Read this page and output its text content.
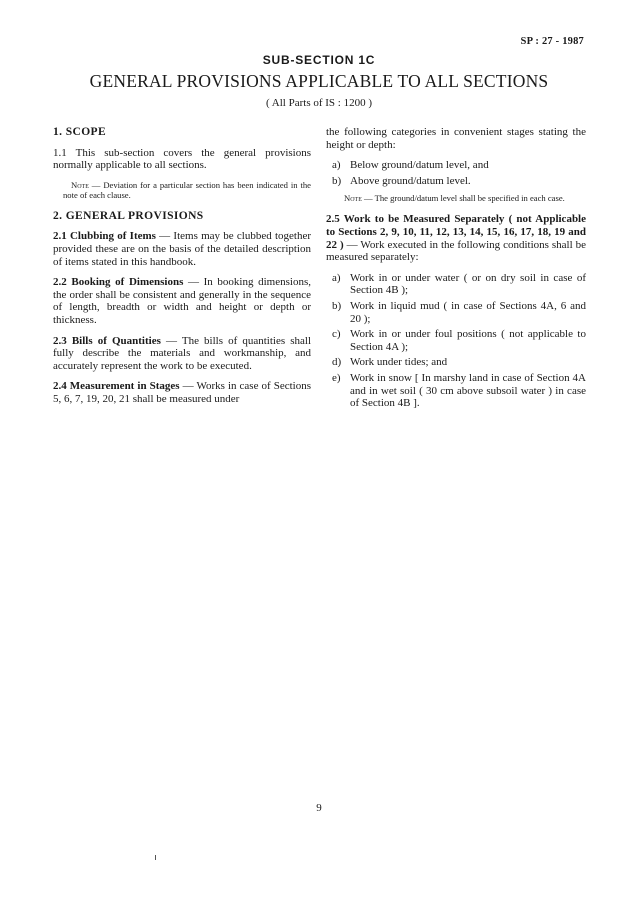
SP : 27 - 1987
SUB-SECTION 1C
GENERAL PROVISIONS APPLICABLE TO ALL SECTIONS
( All Parts of IS : 1200 )
1. SCOPE

1.1 This sub-section covers the general provisions normally applicable to all sections.

Note — Deviation for a particular section has been indicated in the note of each clause.
2. GENERAL PROVISIONS

2.1 Clubbing of Items — Items may be clubbed together provided these are on the basis of the detailed description of items stated in this handbook.

2.2 Booking of Dimensions — In booking dimensions, the order shall be consistent and generally in the sequence of length, breadth or width and height or depth or thickness.

2.3 Bills of Quantities — The bills of quantities shall fully describe the materials and workmanship, and accurately represent the work to be executed.

2.4 Measurement in Stages — Works in case of Sections 5, 6, 7, 19, 20, 21 shall be measured under

the following categories in convenient stages stating the height or depth:

a) Below ground/datum level, and
b) Above ground/datum level.
Note — The ground/datum level shall be specified in each case.

2.5 Work to be Measured Separately ( not Applicable to Sections 2, 9, 10, 11, 12, 13, 14, 15, 16, 17, 18, 19 and 22 ) — Work executed in the following conditions shall be measured separately:

a) Work in or under water ( or on dry soil in case of Section 4B );
b) Work in liquid mud ( in case of Sections 4A, 6 and 20 );
c) Work in or under foul positions ( not applicable to Section 4A );
d) Work under tides; and
e) Work in snow [ In marshy land in case of Section 4A and in wet soil ( 30 cm above subsoil water ) in case of Section 4B ].
9
